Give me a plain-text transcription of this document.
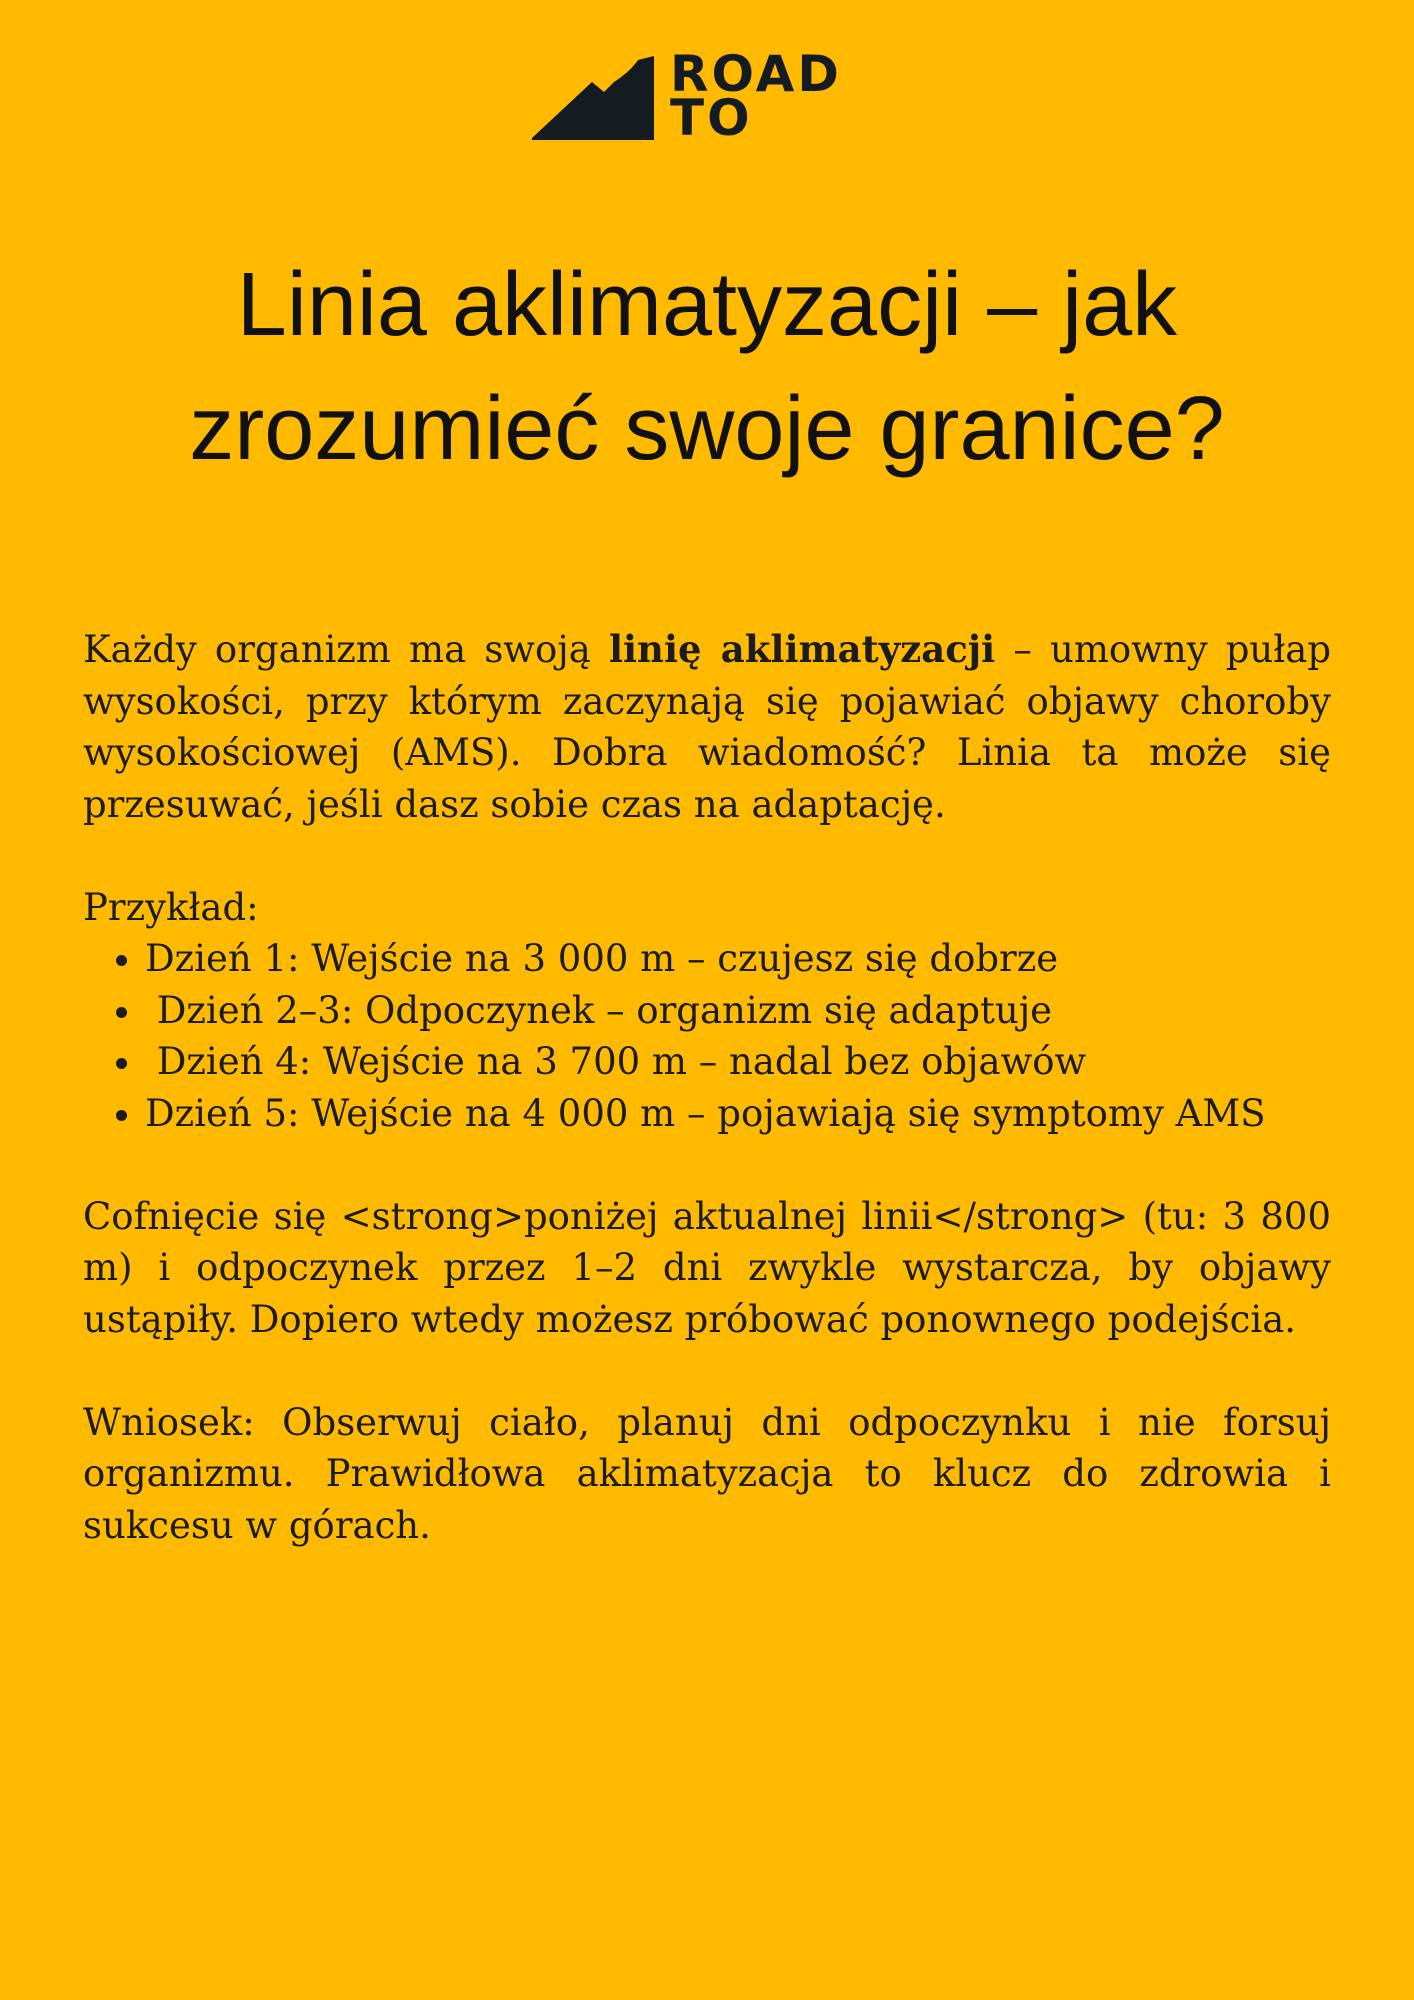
ROAD
TO
Linia aklimatyzacji – jak
zrozumieć swoje granice?

Każdy organizm ma swoją linię aklimatyzacji – umowny pułap wysokości, przy którym zaczynają się pojawiać objawy choroby wysokościowej (AMS). Dobra wiadomość? Linia ta może się przesuwać, jeśli dasz sobie czas na adaptację.

Przykład:

• Dzień 1: Wejście na 3 000 m – czujesz się dobrze
•  Dzień 2–3: Odpoczynek – organizm się adaptuje
•  Dzień 4: Wejście na 3 700 m – nadal bez objawów
• Dzień 5: Wejście na 4 000 m – pojawiają się symptomy AMS

Cofnięcie się <strong>poniżej aktualnej linii</strong> (tu: 3 800 m) i odpoczynek przez 1–2 dni zwykle wystarcza, by objawy ustąpiły. Dopiero wtedy możesz próbować ponownego podejścia.

Wniosek: Obserwuj ciało, planuj dni odpoczynku i nie forsuj organizmu. Prawidłowa aklimatyzacja to klucz do zdrowia i sukcesu w górach.
